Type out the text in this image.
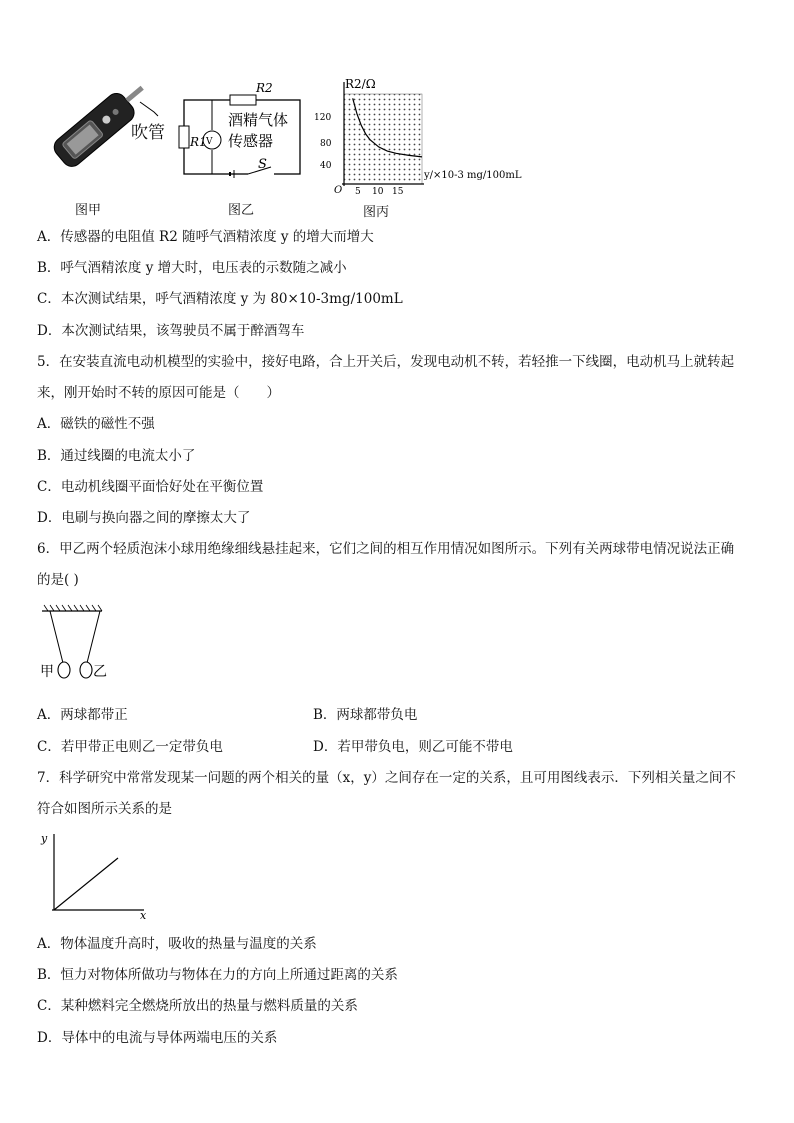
吹管
图甲
V
R2
R1
酒精气体
传感器
S
图乙
R2/Ω
120
80
40
O 5 10 15
y/×10-3 mg/100mL
图丙
A．传感器的电阻值 R2 随呼气酒精浓度 y 的增大而增大
B．呼气酒精浓度 y 增大时，电压表的示数随之减小
C．本次测试结果，呼气酒精浓度 y 为 80×10-3mg/100mL
D．本次测试结果，该驾驶员不属于醉酒驾车
5．在安装直流电动机模型的实验中，接好电路，合上开关后，发现电动机不转，若轻推一下线圈，电动机马上就转起
来，刚开始时不转的原因可能是（　　）
A．磁铁的磁性不强
B．通过线圈的电流太小了
C．电动机线圈平面恰好处在平衡位置
D．电刷与换向器之间的摩擦太大了
6．甲乙两个轻质泡沫小球用绝缘细线悬挂起来，它们之间的相互作用情况如图所示。下列有关两球带电情况说法正确
的是( )
甲	乙
A．两球都带正	B．两球都带负电
C．若甲带正电则乙一定带负电	D．若甲带负电，则乙可能不带电
7．科学研究中常常发现某一问题的两个相关的量（x，y）之间存在一定的关系，且可用图线表示．下列相关量之间不
符合如图所示关系的是
y
x
A．物体温度升高时，吸收的热量与温度的关系
B．恒力对物体所做功与物体在力的方向上所通过距离的关系
C．某种燃料完全燃烧所放出的热量与燃料质量的关系
D．导体中的电流与导体两端电压的关系
